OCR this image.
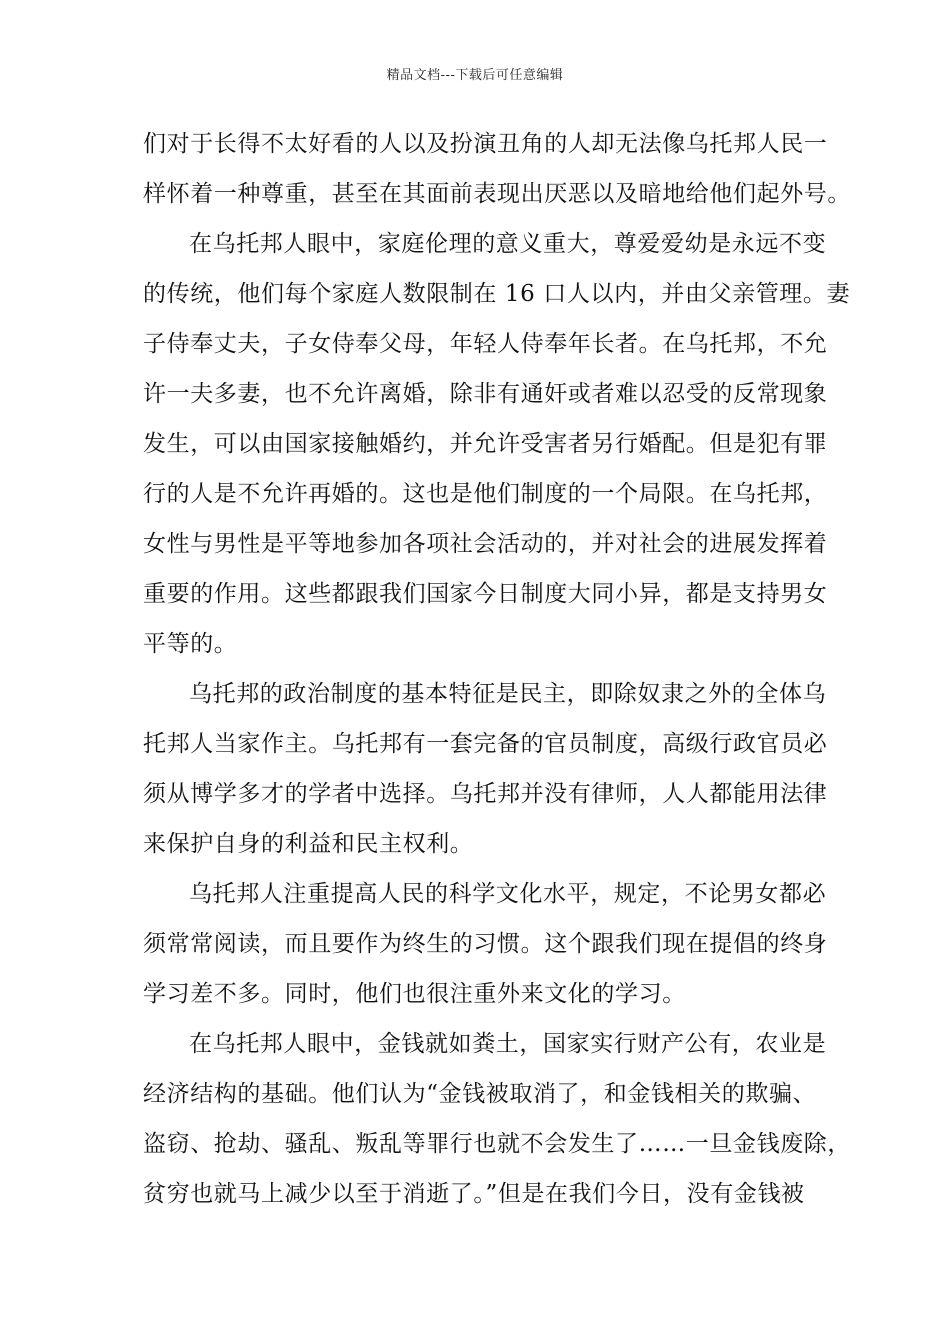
精品文档---下载后可任意编辑
们对于长得不太好看的人以及扮演丑角的人却无法像乌托邦人民一
样怀着一种尊重，甚至在其面前表现出厌恶以及暗地给他们起外号。
在乌托邦人眼中，家庭伦理的意义重大，尊爱爱幼是永远不变
的传统，他们每个家庭人数限制在 16 口人以内，并由父亲管理。妻
子侍奉丈夫，子女侍奉父母，年轻人侍奉年长者。在乌托邦，不允
许一夫多妻，也不允许离婚，除非有通奸或者难以忍受的反常现象
发生，可以由国家接触婚约，并允许受害者另行婚配。但是犯有罪
行的人是不允许再婚的。这也是他们制度的一个局限。在乌托邦，
女性与男性是平等地参加各项社会活动的，并对社会的进展发挥着
重要的作用。这些都跟我们国家今日制度大同小异，都是支持男女
平等的。
乌托邦的政治制度的基本特征是民主，即除奴隶之外的全体乌
托邦人当家作主。乌托邦有一套完备的官员制度，高级行政官员必
须从博学多才的学者中选择。乌托邦并没有律师，人人都能用法律
来保护自身的利益和民主权利。
乌托邦人注重提高人民的科学文化水平，规定，不论男女都必
须常常阅读，而且要作为终生的习惯。这个跟我们现在提倡的终身
学习差不多。同时，他们也很注重外来文化的学习。
在乌托邦人眼中，金钱就如粪土，国家实行财产公有，农业是
经济结构的基础。他们认为“金钱被取消了，和金钱相关的欺骗、
盗窃、抢劫、骚乱、叛乱等罪行也就不会发生了……一旦金钱废除，
贫穷也就马上减少以至于消逝了。”但是在我们今日，没有金钱被
